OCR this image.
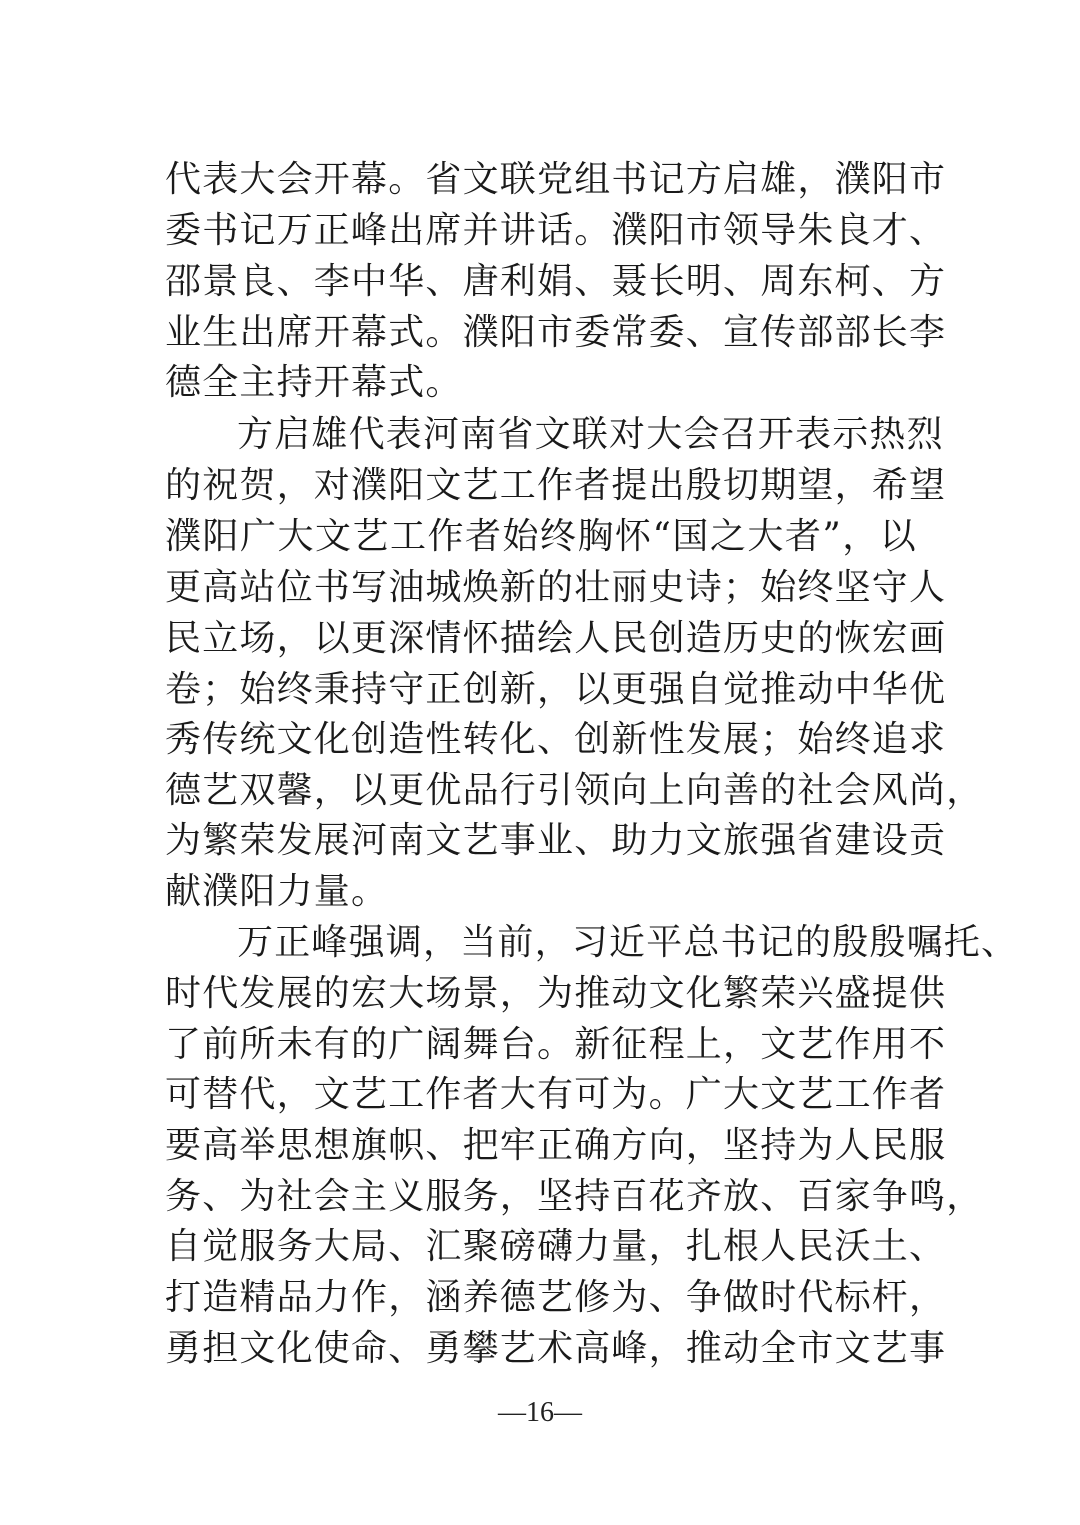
代表大会开幕。省文联党组书记方启雄，濮阳市
委书记万正峰出席并讲话。濮阳市领导朱良才、
邵景良、李中华、唐利娟、聂长明、周东柯、方
业生出席开幕式。濮阳市委常委、宣传部部长李
德全主持开幕式。
方启雄代表河南省文联对大会召开表示热烈
的祝贺，对濮阳文艺工作者提出殷切期望，希望
濮阳广大文艺工作者始终胸怀“国之大者”，以
更高站位书写油城焕新的壮丽史诗；始终坚守人
民立场，以更深情怀描绘人民创造历史的恢宏画
卷；始终秉持守正创新，以更强自觉推动中华优
秀传统文化创造性转化、创新性发展；始终追求
德艺双馨，以更优品行引领向上向善的社会风尚，
为繁荣发展河南文艺事业、助力文旅强省建设贡
献濮阳力量。
万正峰强调，当前，习近平总书记的殷殷嘱托、
时代发展的宏大场景，为推动文化繁荣兴盛提供
了前所未有的广阔舞台。新征程上，文艺作用不
可替代，文艺工作者大有可为。广大文艺工作者
要高举思想旗帜、把牢正确方向，坚持为人民服
务、为社会主义服务，坚持百花齐放、百家争鸣，
自觉服务大局、汇聚磅礴力量，扎根人民沃土、
打造精品力作，涵养德艺修为、争做时代标杆，
勇担文化使命、勇攀艺术高峰，推动全市文艺事
—16—
